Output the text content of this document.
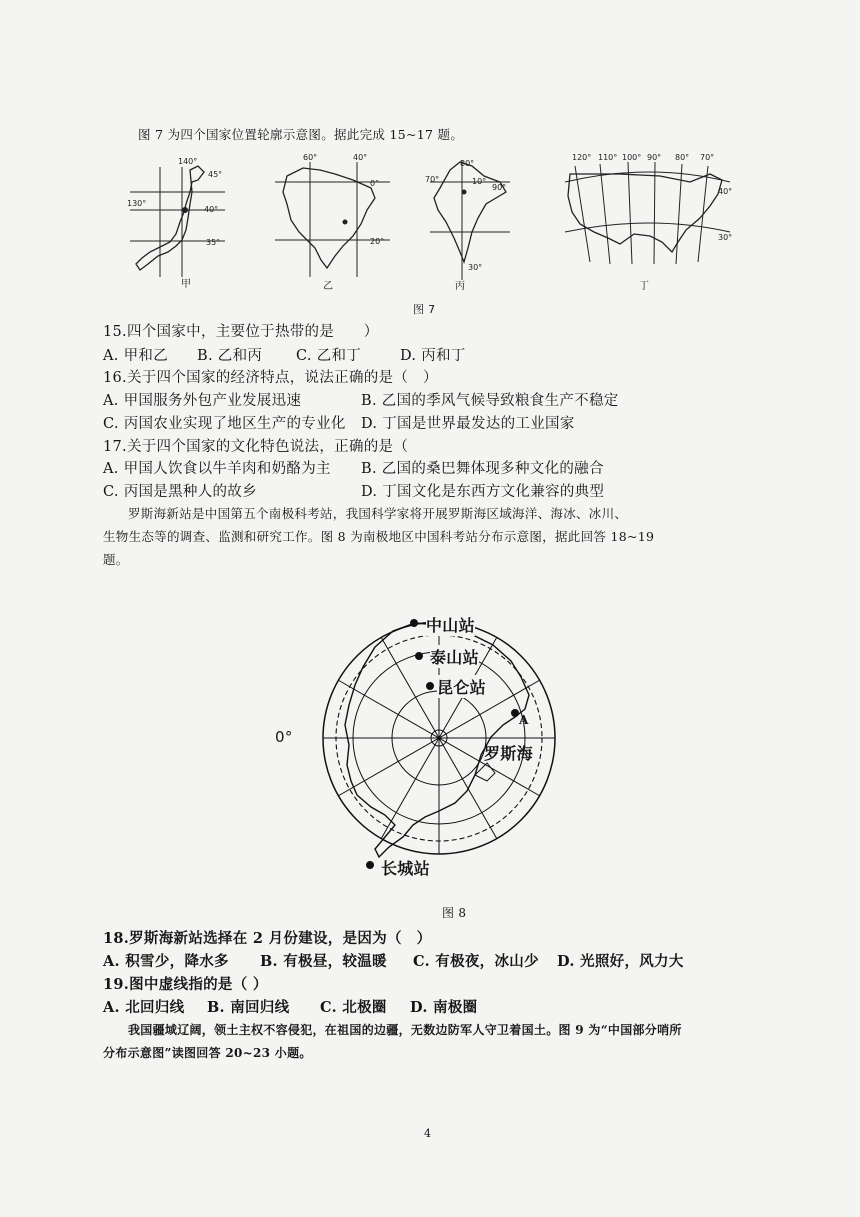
图 7 为四个国家位置轮廓示意图。据此完成 15~17 题。
140°
45°
130°
40°
35°
60°	40°
0°
20°
80°
70°	10°
90°
30°
120° 110° 100° 90° 80° 70°
40°
30°
甲	乙	丙	丁
图 7
15.四个国家中，主要位于热带的是　　）
A. 甲和乙 B. 乙和丙 C. 乙和丁	D. 丙和丁
16.关于四个国家的经济特点，说法正确的是（　）
A. 甲国服务外包产业发展迅速	B. 乙国的季风气候导致粮食生产不稳定
C. 丙国农业实现了地区生产的专业化 D. 丁国是世界最发达的工业国家
17.关于四个国家的文化特色说法，正确的是（
A. 甲国人饮食以牛羊肉和奶酪为主 B. 乙国的桑巴舞体现多种文化的融合
C. 丙国是黑种人的故乡	D. 丁国文化是东西方文化兼容的典型
罗斯海新站是中国第五个南极科考站，我国科学家将开展罗斯海区域海洋、海冰、冰川、
生物生态等的调查、监测和研究工作。图 8 为南极地区中国科考站分布示意图，据此回答 18~19
题。
中山站
泰山站
昆仑站
A
罗斯海
长城站
0°
图 8
18.罗斯海新站选择在 2 月份建设，是因为（　）
A. 积雪少，降水多 B. 有极昼，较温暖 C. 有极夜，冰山少 D. 光照好，风力大
19.图中虚线指的是（ ）
A. 北回归线 B. 南回归线 C. 北极圈 D. 南极圈
我国疆域辽阔，领土主权不容侵犯，在祖国的边疆，无数边防军人守卫着国土。图 9 为“中国部分哨所
分布示意图”读图回答 20~23 小题。
4
